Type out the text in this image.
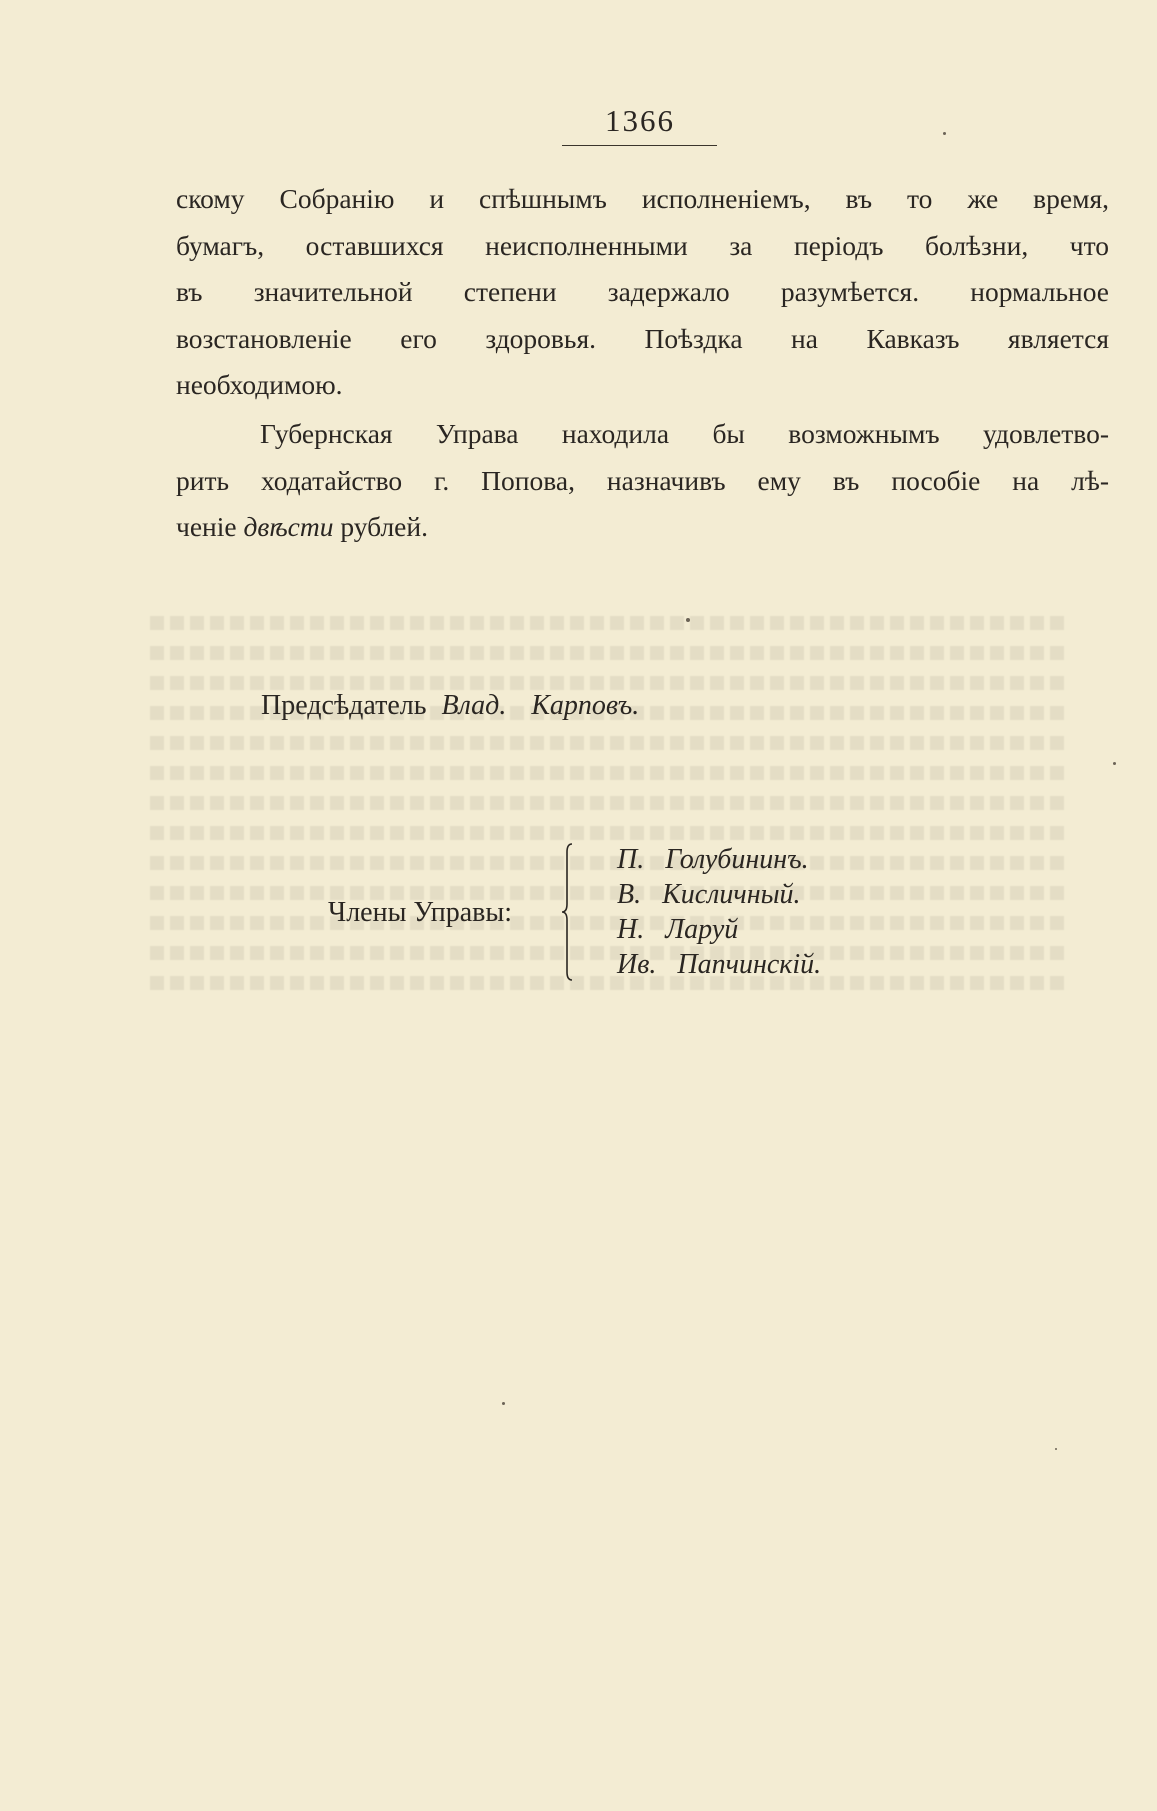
1366
скому Собранію и спѣшнымъ исполненіемъ, въ то же время,
бумагъ, оставшихся неисполненными за періодъ болѣзни, что
въ значительной степени задержало разумѣется. нормальное
возстановленіе его здоровья. Поѣздка на Кавказъ является
необходимою.
Губернская Управа находила бы возможнымъ удовлетво-
рить ходатайство г. Попова, назначивъ ему въ пособіе на лѣ-
ченіе двѣсти рублей.
Предсѣдатель Влад. Карповъ.
Члены Управы:
П. Голубининъ.
В. Кисличный.
Н. Ларуй
Ив. Папчинскій.
